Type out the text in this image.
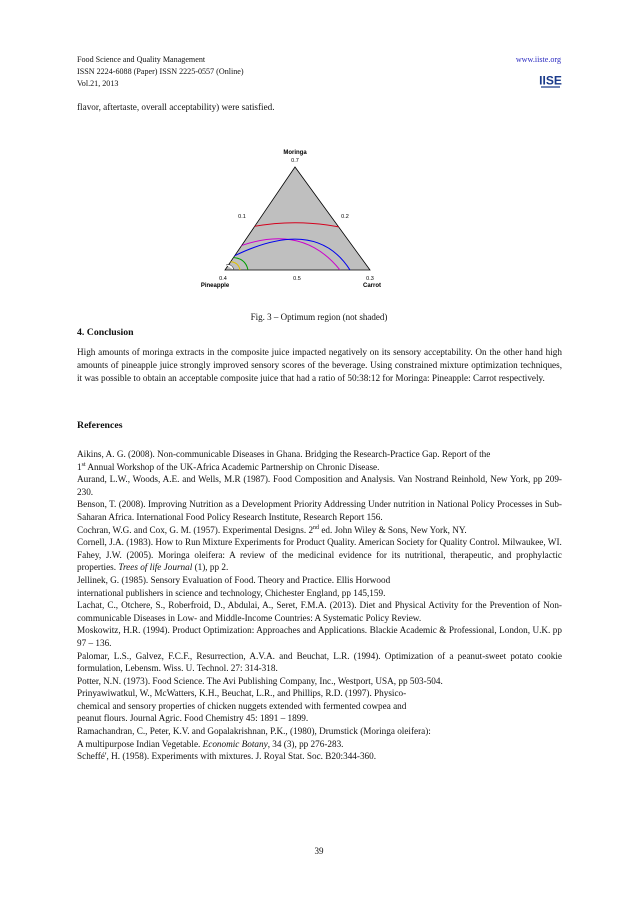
Food Science and Quality Management
ISSN 2224-6088 (Paper) ISSN 2225-0557 (Online)
Vol.21, 2013
www.iiste.org
IISE
flavor, aftertaste, overall acceptability) were satisfied.
Moringa
0.7
0.1	0.2
0.4	0.5	0.3
Pineapple	Carrot
Fig. 3 – Optimum region (not shaded)
4. Conclusion
High amounts of moringa extracts in the composite juice impacted negatively on its sensory acceptability. On the other hand high amounts of pineapple juice strongly improved sensory scores of the beverage. Using constrained mixture optimization techniques, it was possible to obtain an acceptable composite juice that had a ratio of 50:38:12 for Moringa: Pineapple: Carrot respectively.
References
Aikins, A. G. (2008). Non-communicable Diseases in Ghana. Bridging the Research-Practice Gap. Report of the
1st Annual Workshop of the UK-Africa Academic Partnership on Chronic Disease.
Aurand, L.W., Woods, A.E. and Wells, M.R (1987). Food Composition and Analysis. Van Nostrand Reinhold, New York, pp 209-230.
Benson, T. (2008). Improving Nutrition as a Development Priority Addressing Under nutrition in National Policy Processes in Sub-Saharan Africa. International Food Policy Research Institute, Research Report 156.
Cochran, W.G. and Cox, G. M. (1957). Experimental Designs. 2nd ed. John Wiley & Sons, New York, NY.
Cornell, J.A. (1983). How to Run Mixture Experiments for Product Quality. American Society for Quality Control. Milwaukee, WI.
Fahey, J.W. (2005). Moringa oleifera: A review of the medicinal evidence for its nutritional, therapeutic, and prophylactic properties. Trees of life Journal (1), pp 2.
Jellinek, G. (1985). Sensory Evaluation of Food. Theory and Practice. Ellis Horwood
international publishers in science and technology, Chichester England, pp 145,159.
Lachat, C., Otchere, S., Roberfroid, D., Abdulai, A., Seret, F.M.A. (2013). Diet and Physical Activity for the Prevention of Non-communicable Diseases in Low- and Middle-Income Countries: A Systematic Policy Review.
Moskowitz, H.R. (1994). Product Optimization: Approaches and Applications. Blackie Academic & Professional, London, U.K. pp 97 – 136.
Palomar, L.S., Galvez, F.C.F., Resurrection, A.V.A. and Beuchat, L.R. (1994). Optimization of a peanut-sweet potato cookie formulation, Lebensm. Wiss. U. Technol. 27: 314-318.
Potter, N.N. (1973). Food Science. The Avi Publishing Company, Inc., Westport, USA, pp 503-504.
Prinyawiwatkul, W., McWatters, K.H., Beuchat, L.R., and Phillips, R.D. (1997). Physico-
chemical and sensory properties of chicken nuggets extended with fermented cowpea and
peanut flours. Journal Agric. Food Chemistry 45: 1891 – 1899.
Ramachandran, C., Peter, K.V. and Gopalakrishnan, P.K., (1980), Drumstick (Moringa oleifera):
A multipurpose Indian Vegetable. Economic Botany, 34 (3), pp 276-283.
Scheffé', H. (1958). Experiments with mixtures. J. Royal Stat. Soc. B20:344-360.
39
